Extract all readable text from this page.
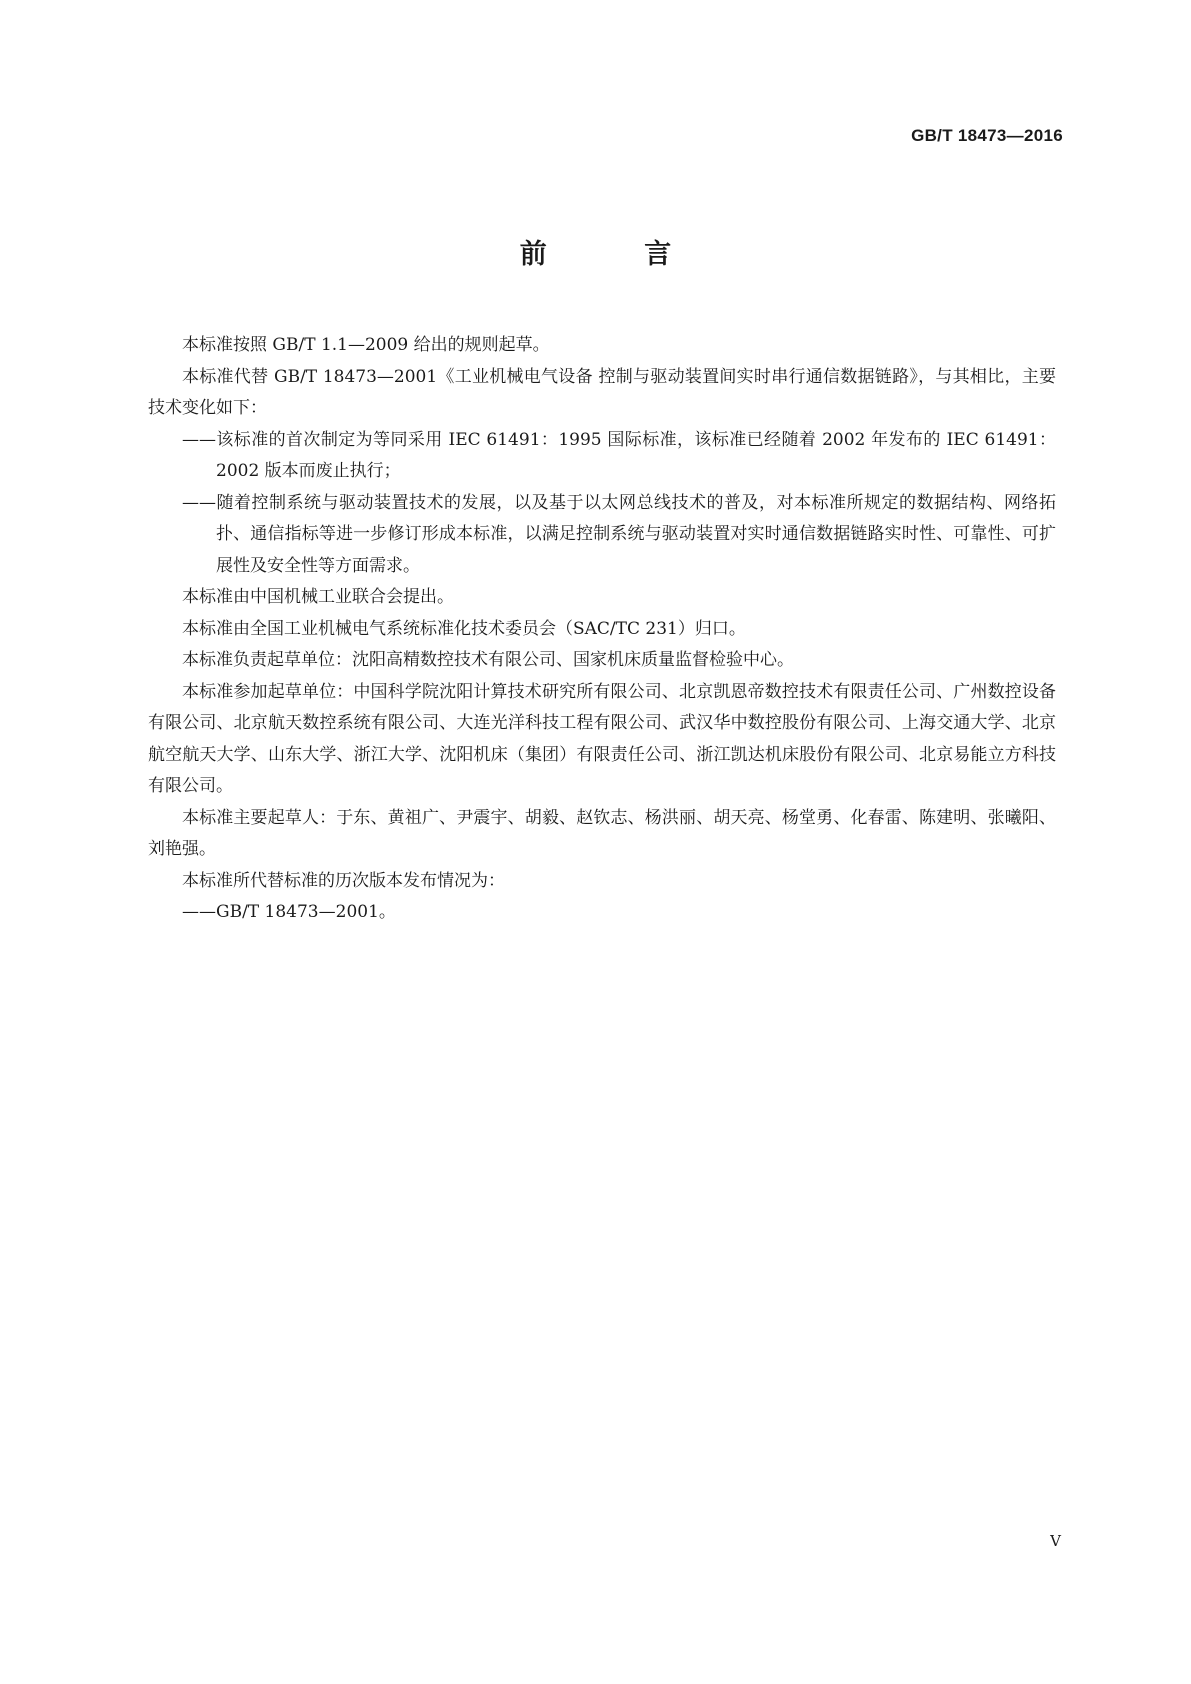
GB/T 18473—2016
前 言

本标准按照 GB/T 1.1—2009 给出的规则起草。

本标准代替 GB/T 18473—2001《工业机械电气设备 控制与驱动装置间实时串行通信数据链路》，与其相比，主要技术变化如下：

——该标准的首次制定为等同采用 IEC 61491：1995 国际标准，该标准已经随着 2002 年发布的 IEC 61491：2002 版本而废止执行；

——随着控制系统与驱动装置技术的发展，以及基于以太网总线技术的普及，对本标准所规定的数据结构、网络拓扑、通信指标等进一步修订形成本标准，以满足控制系统与驱动装置对实时通信数据链路实时性、可靠性、可扩展性及安全性等方面需求。

本标准由中国机械工业联合会提出。

本标准由全国工业机械电气系统标准化技术委员会（SAC/TC 231）归口。

本标准负责起草单位：沈阳高精数控技术有限公司、国家机床质量监督检验中心。

本标准参加起草单位：中国科学院沈阳计算技术研究所有限公司、北京凯恩帝数控技术有限责任公司、广州数控设备有限公司、北京航天数控系统有限公司、大连光洋科技工程有限公司、武汉华中数控股份有限公司、上海交通大学、北京航空航天大学、山东大学、浙江大学、沈阳机床（集团）有限责任公司、浙江凯达机床股份有限公司、北京易能立方科技有限公司。

本标准主要起草人：于东、黄祖广、尹震宇、胡毅、赵钦志、杨洪丽、胡天亮、杨堂勇、化春雷、陈建明、张曦阳、刘艳强。

本标准所代替标准的历次版本发布情况为：

——GB/T 18473—2001。

V
